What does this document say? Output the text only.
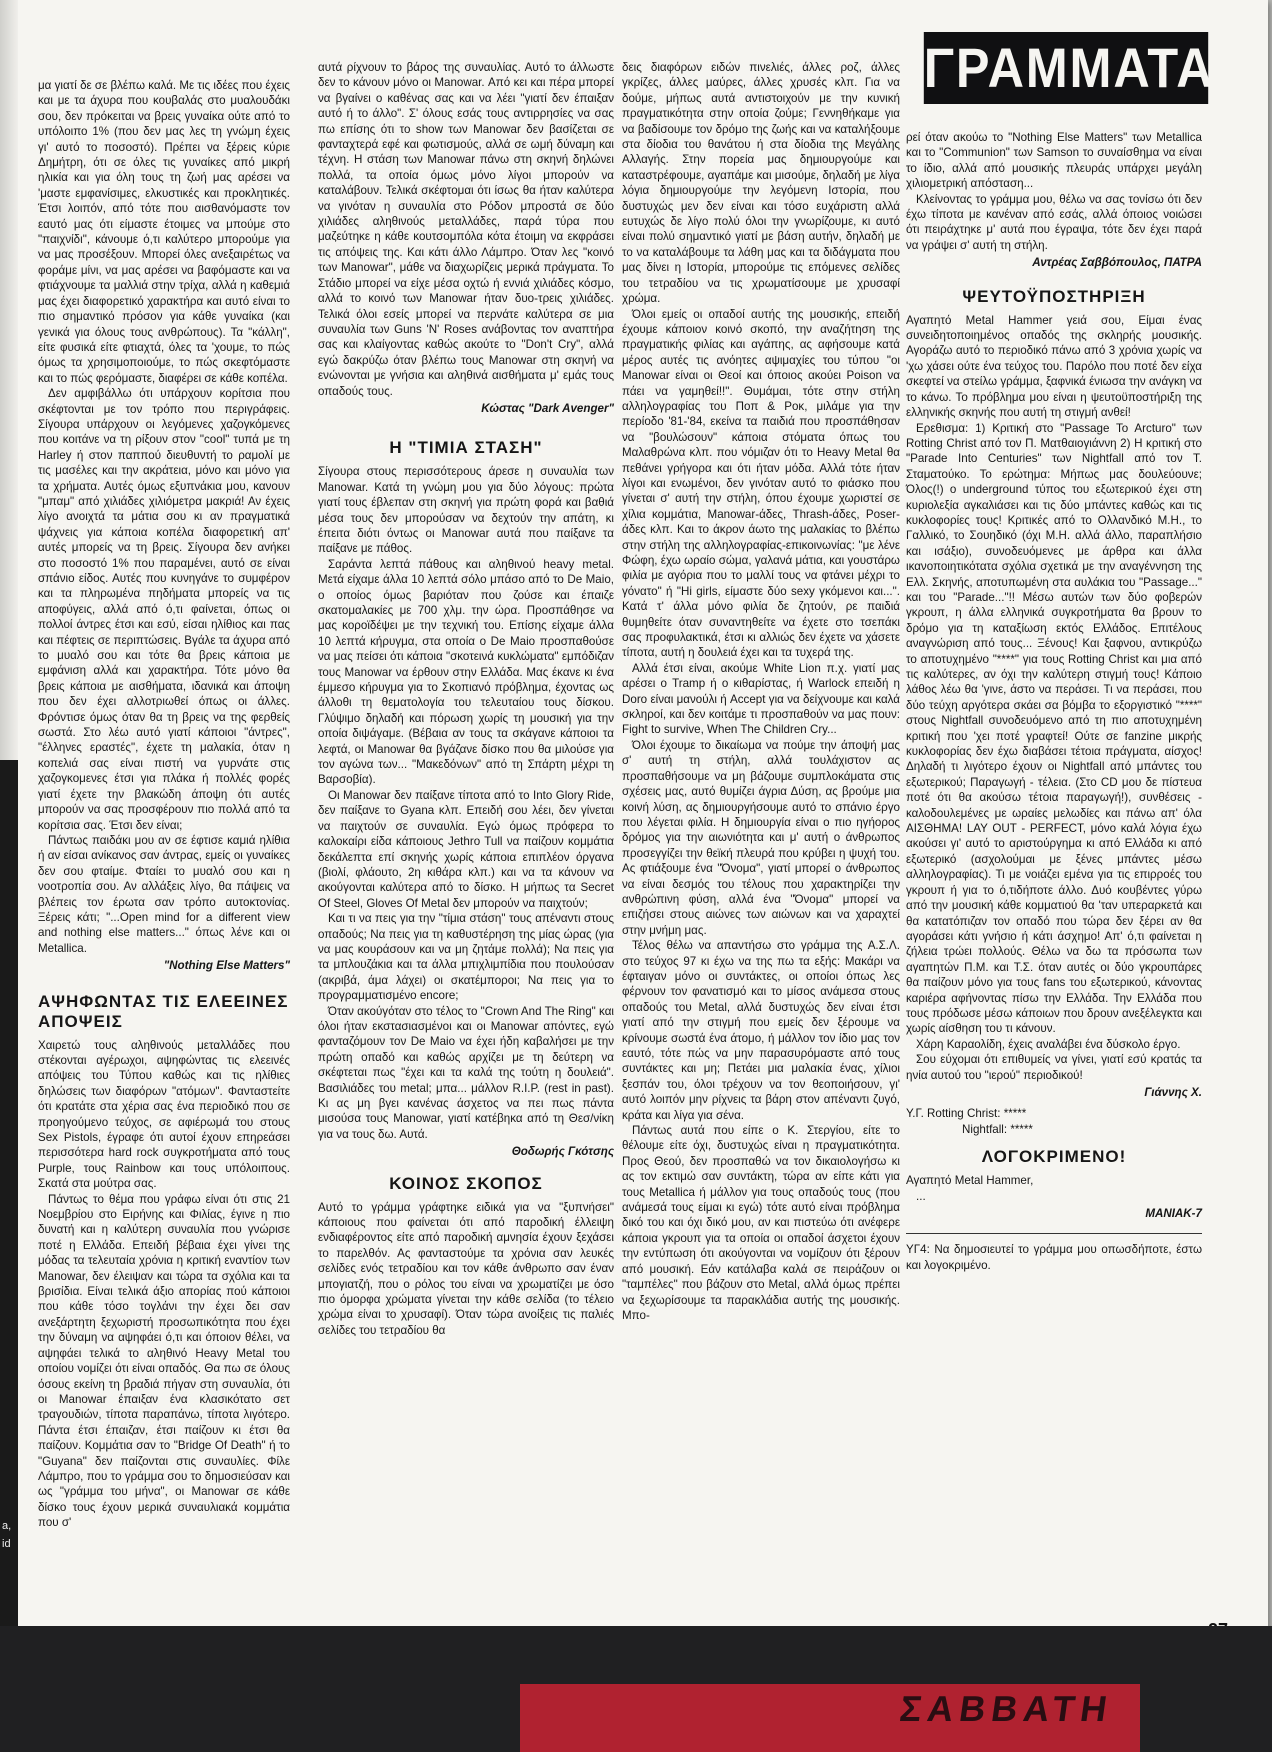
a,
id
ΓΡΑΜΜΑΤΑ

μα γιατί δε σε βλέπω καλά. Με τις ιδέες που έχεις και με τα άχυρα που κουβαλάς στο μυαλουδάκι σου, δεν πρόκειται να βρεις γυναίκα ούτε από το υπόλοιπο 1% (που δεν μας λες τη γνώμη έχεις γι' αυτό το ποσοστό). Πρέπει να ξέρεις κύριε Δημήτρη, ότι σε όλες τις γυναίκες από μικρή ηλικία και για όλη τους τη ζωή μας αρέσει να 'μαστε εμφανίσιμες, ελκυστικές και προκλητικές. Έτσι λοιπόν, από τότε που αισθανόμαστε τον εαυτό μας ότι είμαστε έτοιμες να μπούμε στο "παιχνίδι", κάνουμε ό,τι καλύτερο μπορούμε για να μας προσέξουν. Μπορεί όλες ανεξαιρέτως να φοράμε μίνι, να μας αρέσει να βαφόμαστε και να φτιάχνουμε τα μαλλιά στην τρίχα, αλλά η καθεμιά μας έχει διαφορετικό χαρακτήρα και αυτό είναι το πιο σημαντικό πρόσον για κάθε γυναίκα (και γενικά για όλους τους ανθρώπους). Τα "κάλλη", είτε φυσικά είτε φτιαχτά, όλες τα 'χουμε, το πώς όμως τα χρησιμοποιούμε, το πώς σκεφτόμαστε και το πώς φερόμαστε, διαφέρει σε κάθε κοπέλα.

Δεν αμφιβάλλω ότι υπάρχουν κορίτσια που σκέφτονται με τον τρόπο που περιγράφεις. Σίγουρα υπάρχουν οι λεγόμενες χαζογκόμενες που κοιτάνε να τη ρίξουν στον "cool" τυπά με τη Harley ή στον παππού διευθυντή το ραμολί με τις μασέλες και την ακράτεια, μόνο και μόνο για τα χρήματα. Αυτές όμως εξυπνάκια μου, κανουν "μπαμ" από χιλιάδες χιλιόμετρα μακριά! Αν έχεις λίγο ανοιχτά τα μάτια σου κι αν πραγματικά ψάχνεις για κάποια κοπέλα διαφορετική απ' αυτές μπορείς να τη βρεις. Σίγουρα δεν ανήκει στο ποσοστό 1% που παραμένει, αυτό σε είναι σπάνιο είδος. Αυτές που κυνηγάνε το συμφέρον και τα πληρωμένα πηδήματα μπορείς να τις αποφύγεις, αλλά από ό,τι φαίνεται, όπως οι πολλοί άντρες έτσι και εσύ, είσαι ηλίθιος και πας και πέφτεις σε περιπτώσεις. Βγάλε τα άχυρα από το μυαλό σου και τότε θα βρεις κάποια με εμφάνιση αλλά και χαρακτήρα. Τότε μόνο θα βρεις κάποια με αισθήματα, ιδανικά και άποψη που δεν έχει αλλοτριωθεί όπως οι άλλες. Φρόντισε όμως όταν θα τη βρεις να της φερθείς σωστά. Στο λέω αυτό γιατί κάποιοι "άντρες", "έλληνες εραστές", έχετε τη μαλακία, όταν η κοπελιά σας είναι πιστή να γυρνάτε στις χαζογκομενες έτσι για πλάκα ή πολλές φορές γιατί έχετε την βλακώδη άποψη ότι αυτές μπορούν να σας προσφέρουν πιο πολλά από τα κορίτσια σας. Έτσι δεν είναι;

Πάντως παιδάκι μου αν σε έφτισε καμιά ηλίθια ή αν είσαι ανίκανος σαν άντρας, εμείς οι γυναίκες δεν σου φταίμε. Φταίει το μυαλό σου και η νοοτροπία σου. Αν αλλάξεις λίγο, θα πάψεις να βλέπεις τον έρωτα σαν τρόπο αυτοκτονίας. Ξέρεις κάτι; "...Open mind for a different view and nothing else matters..." όπως λένε και οι Metallica.

"Nothing Else Matters"
ΑΨΗΦΩΝΤΑΣ ΤΙΣ ΕΛΕΕΙΝΕΣ ΑΠΟΨΕΙΣ

Χαιρετώ τους αληθινούς μεταλλάδες που στέκονται αγέρωχοι, αψηφώντας τις ελεεινές απόψεις του Τύπου καθώς και τις ηλίθιες δηλώσεις των διαφόρων "ατόμων". Φανταστείτε ότι κρατάτε στα χέρια σας ένα περιοδικό που σε προηγούμενο τεύχος, σε αφιέρωμά του στους Sex Pistols, έγραφε ότι αυτοί έχουν επηρεάσει περισσότερα hard rock συγκροτήματα από τους Purple, τους Rainbow και τους υπόλοιπους. Σκατά στα μούτρα σας.

Πάντως το θέμα που γράφω είναι ότι στις 21 Νοεμβρίου στο Ειρήνης και Φιλίας, έγινε η πιο δυνατή και η καλύτερη συναυλία που γνώρισε ποτέ η Ελλάδα. Επειδή βέβαια έχει γίνει της μόδας τα τελευταία χρόνια η κριτική εναντίον των Manowar, δεν έλειψαν και τώρα τα σχόλια και τα βρισίδια. Είναι τελικά άξιο απορίας πού κάποιοι που κάθε τόσο τογλάνι την έχει δει σαν ανεξάρτητη ξεχωριστή προσωπικότητα που έχει την δύναμη να αψηφάει ό,τι και όποιον θέλει, να αψηφάει τελικά το αληθινό Heavy Metal του οποίου νομίζει ότι είναι οπαδός. Θα πω σε όλους όσους εκείνη τη βραδιά πήγαν στη συναυλία, ότι οι Manowar έπαιξαν ένα κλασικότατο σετ τραγουδιών, τίποτα παραπάνω, τίποτα λιγότερο. Πάντα έτσι έπαιζαν, έτσι παίζουν κι έτσι θα παίζουν. Κομμάτια σαν το "Bridge Of Death" ή το "Guyana" δεν παίζονται στις συναυλίες. Φίλε Λάμπρο, που το γράμμα σου το δημοσιεύσαν και ως "γράμμα του μήνα", οι Manowar σε κάθε δίσκο τους έχουν μερικά συναυλιακά κομμάτια που σ'

αυτά ρίχνουν το βάρος της συναυλίας. Αυτό το άλλωστε δεν το κάνουν μόνο οι Manowar. Από κει και πέρα μπορεί να βγαίνει ο καθένας σας και να λέει "γιατί δεν έπαιξαν αυτό ή το άλλο". Σ' όλους εσάς τους αντιρρησίες να σας πω επίσης ότι το show των Manowar δεν βασίζεται σε φανταχτερά εφέ και φωτισμούς, αλλά σε ωμή δύναμη και τέχνη. Η στάση των Manowar πάνω στη σκηνή δηλώνει πολλά, τα οποία όμως μόνο λίγοι μπορούν να καταλάβουν. Τελικά σκέφτομαι ότι ίσως θα ήταν καλύτερα να γινόταν η συναυλία στο Ρόδον μπροστά σε δύο χιλιάδες αληθινούς μεταλλάδες, παρά τύρα που μαζεύτηκε η κάθε κουτσομπόλα κότα έτοιμη να εκφράσει τις απόψεις της. Και κάτι άλλο Λάμπρο. Όταν λες "κοινό των Manowar", μάθε να διαχωρίζεις μερικά πράγματα. Το Στάδιο μπορεί να είχε μέσα οχτώ ή εννιά χιλιάδες κόσμο, αλλά το κοινό των Manowar ήταν δυο-τρεις χιλιάδες. Τελικά όλοι εσείς μπορεί να περνάτε καλύτερα σε μια συναυλία των Guns 'N' Roses ανάβοντας τον αναπτήρα σας και κλαίγοντας καθώς ακούτε το "Don't Cry", αλλά εγώ δακρύζω όταν βλέπω τους Manowar στη σκηνή να ενώνονται με γνήσια και αληθινά αισθήματα μ' εμάς τους οπαδούς τους.

Κώστας "Dark Avenger"
Η "ΤΙΜΙΑ ΣΤΑΣΗ"

Σίγουρα στους περισσότερους άρεσε η συναυλία των Manowar. Κατά τη γνώμη μου για δύο λόγους: πρώτα γιατί τους έβλεπαν στη σκηνή για πρώτη φορά και βαθιά μέσα τους δεν μπορούσαν να δεχτούν την απάτη, κι έπειτα διότι όντως οι Manowar αυτά που παίξανε τα παίξανε με πάθος.

Σαράντα λεπτά πάθους και αληθινού heavy metal. Μετά είχαμε άλλα 10 λεπτά σόλο μπάσο από το De Maio, ο οποίος όμως βαριόταν που ζούσε και έπαιζε σκατομαλακίες με 700 χλμ. την ώρα. Προσπάθησε να μας κοροϊδέψει με την τεχνική του. Επίσης είχαμε άλλα 10 λεπτά κήρυγμα, στα οποία ο De Maio προσπαθούσε να μας πείσει ότι κάποια "σκοτεινά κυκλώματα" εμπόδιζαν τους Manowar να έρθουν στην Ελλάδα. Μας έκανε κι ένα έμμεσο κήρυγμα για το Σκοπιανό πρόβλημα, έχοντας ως άλλοθι τη θεματολογία του τελευταίου τους δίσκου. Γλύψιμο δηλαδή και πόρωση χωρίς τη μουσική για την οποία διψάγαμε. (Βέβαια αν τους τα σκάγανε κάποιοι τα λεφτά, οι Manowar θα βγάζανε δίσκο που θα μιλούσε για τον αγώνα των... "Μακεδόνων" από τη Σπάρτη μέχρι τη Βαρσοβία).

Οι Manowar δεν παίξανε τίποτα από το Into Glory Ride, δεν παίξανε το Gyana κλπ. Επειδή σου λέει, δεν γίνεται να παιχτούν σε συναυλία. Εγώ όμως πρόφερα το καλοκαίρι είδα κάποιους Jethro Tull να παίζουν κομμάτια δεκάλεπτα επί σκηνής χωρίς κάποια επιπλέον όργανα (βιολί, φλάουτο, 2η κιθάρα κλπ.) και να τα κάνουν να ακούγονται καλύτερα από το δίσκο. Η μήπως τα Secret Of Steel, Gloves Of Metal δεν μπορούν να παιχτούν;

Και τι να πεις για την "τίμια στάση" τους απέναντι στους οπαδούς; Να πεις για τη καθυστέρηση της μίας ώρας (για να μας κουράσουν και να μη ζητάμε πολλά); Να πεις για τα μπλουζάκια και τα άλλα μπιχλιμπίδια που πουλούσαν (ακριβά, άμα λάχει) οι σκατέμποροι; Να πεις για το προγραμματισμένο encore;

Όταν ακούγόταν στο τέλος το "Crown And The Ring" και όλοι ήταν εκστασιασμένοι και οι Manowar απόντες, εγώ φανταζόμουν τον De Maio να έχει ήδη καβαλήσει με την πρώτη οπαδό και καθώς αρχίζει με τη δεύτερη να σκέφτεται πως "έχει και τα καλά της τούτη η δουλειά". Βασιλιάδες του metal; μπα... μάλλον R.I.P. (rest in past). Κι ας μη βγει κανένας άσχετος να πει πως πάντα μισούσα τους Manowar, γιατί κατέβηκα από τη Θεσ/νίκη για να τους δω. Αυτά.

Θοδωρής Γκότσης
ΚΟΙΝΟΣ ΣΚΟΠΟΣ

Αυτό το γράμμα γράφτηκε ειδικά για να "ξυπνήσει" κάποιους που φαίνεται ότι από παροδική έλλειψη ενδιαφέροντος είτε από παροδική αμνησία έχουν ξεχάσει το παρελθόν. Ας φανταστούμε τα χρόνια σαν λευκές σελίδες ενός τετραδίου και τον κάθε άνθρωπο σαν έναν μπογιατζή, που ο ρόλος του είναι να χρωματίζει με όσο πιο όμορφα χρώματα γίνεται την κάθε σελίδα (το τέλειο χρώμα είναι το χρυσαφί). Όταν τώρα ανοίξεις τις παλιές σελίδες του τετραδίου θα

δεις διαφόρων ειδών πινελιές, άλλες ροζ, άλλες γκρίζες, άλλες μαύρες, άλλες χρυσές κλπ. Για να δούμε, μήπως αυτά αντιστοιχούν με την κυνική πραγματικότητα στην οποία ζούμε; Γεννηθήκαμε για να βαδίσουμε τον δρόμο της ζωής και να καταλήξουμε στα δίοδια του θανάτου ή στα δίοδια της Μεγάλης Αλλαγής. Στην πορεία μας δημιουργούμε και καταστρέφουμε, αγαπάμε και μισούμε, δηλαδή με λίγα λόγια δημιουργούμε την λεγόμενη Ιστορία, που δυστυχώς μεν δεν είναι και τόσο ευχάριστη αλλά ευτυχώς δε λίγο πολύ όλοι την γνωρίζουμε, κι αυτό είναι πολύ σημαντικό γιατί με βάση αυτήν, δηλαδή με το να καταλάβουμε τα λάθη μας και τα διδάγματα που μας δίνει η Ιστορία, μπορούμε τις επόμενες σελίδες του τετραδίου να τις χρωματίσουμε με χρυσαφί χρώμα.

Όλοι εμείς οι οπαδοί αυτής της μουσικής, επειδή έχουμε κάποιον κοινό σκοπό, την αναζήτηση της πραγματικής φιλίας και αγάπης, ας αφήσουμε κατά μέρος αυτές τις ανόητες αψιμαχίες του τύπου "οι Manowar είναι οι Θεοί και όποιος ακούει Poison να πάει να γαμηθεί!!". Θυμάμαι, τότε στην στήλη αλληλογραφίας του Ποπ & Ροκ, μιλάμε για την περίοδο '81-'84, εκείνα τα παιδιά που προσπάθησαν να "βουλώσουν" κάποια στόματα όπως του Μαλαθρώνα κλπ. που νόμιζαν ότι το Heavy Metal θα πεθάνει γρήγορα και ότι ήταν μόδα. Αλλά τότε ήταν λίγοι και ενωμένοι, δεν γινόταν αυτό το φιάσκο που γίνεται σ' αυτή την στήλη, όπου έχουμε χωριστεί σε χίλια κομμάτια, Manowar-άδες, Thrash-άδες, Poser-άδες κλπ. Και το άκρον άωτο της μαλακίας το βλέπω στην στήλη της αλληλογραφίας-επικοινωνίας: "με λένε Φώφη, έχω ωραίο σώμα, γαλανά μάτια, και γουστάρω φιλία με αγόρια που το μαλλί τους να φτάνει μέχρι το γόνατο" ή "Hi girls, είμαστε δύο sexy γκόμενοι και...". Κατά τ' άλλα μόνο φιλία δε ζητούν, ρε παιδιά θυμηθείτε όταν συναντηθείτε να έχετε στο τσεπάκι σας προφυλακτικά, έτσι κι αλλιώς δεν έχετε να χάσετε τίποτα, αυτή η δουλειά έχει και τα τυχερά της.

Αλλά έτσι είναι, ακούμε White Lion π.χ. γιατί μας αρέσει ο Tramp ή ο κιθαρίστας, ή Warlock επειδή η Doro είναι μανούλι ή Accept για να δείχνουμε και καλά σκληροί, και δεν κοιτάμε τι προσπαθούν να μας πουν: Fight to survive, When The Children Cry...

Όλοι έχουμε το δικαίωμα να πούμε την άποψή μας σ' αυτή τη στήλη, αλλά τουλάχιστον ας προσπαθήσουμε να μη βάζουμε συμπλοκάματα στις σχέσεις μας, αυτό θυμίζει άγρια Δύση, ας βρούμε μια κοινή λύση, ας δημιουργήσουμε αυτό το σπάνιο έργο που λέγεται φιλία. Η δημιουργία είναι ο πιο ηγήορος δρόμος για την αιωνιότητα και μ' αυτή ο άνθρωπος προσεγγίζει την θεϊκή πλευρά που κρύβει η ψυχή του. Ας φτιάξουμε ένα "Όνομα", γιατί μπορεί ο άνθρωπος να είναι δεσμός του τέλους που χαρακτηρίζει την ανθρώπινη φύση, αλλά ένα "Όνομα" μπορεί να επιζήσει στους αιώνες των αιώνων και να χαραχτεί στην μνήμη μας.

Τέλος θέλω να απαντήσω στο γράμμα της Α.Σ.Λ. στο τεύχος 97 κι έχω να της πω τα εξής: Μακάρι να έφταιγαν μόνο οι συντάκτες, οι οποίοι όπως λες φέρνουν τον φανατισμό και το μίσος ανάμεσα στους οπαδούς του Metal, αλλά δυστυχώς δεν είναι έτσι γιατί από την στιγμή που εμείς δεν ξέρουμε να κρίνουμε σωστά ένα άτομο, ή μάλλον τον ίδιο μας τον εαυτό, τότε πώς να μην παρασυρόμαστε από τους συντάκτες και μη; Πετάει μια μαλακία ένας, χίλιοι ξεσπάν του, όλοι τρέχουν να τον θεοποιήσουν, γι' αυτό λοιπόν μην ρίχνεις τα βάρη στον απέναντι ζυγό, κράτα και λίγα για σένα.

Πάντως αυτά που είπε ο Κ. Στεργίου, είτε το θέλουμε είτε όχι, δυστυχώς είναι η πραγματικότητα. Προς Θεού, δεν προσπαθώ να τον δικαιολογήσω κι ας τον εκτιμώ σαν συντάκτη, τώρα αν είπε κάτι για τους Metallica ή μάλλον για τους οπαδούς τους (που ανάμεσά τους είμαι κι εγώ) τότε αυτό είναι πρόβλημα δικό του και όχι δικό μου, αν και πιστεύω ότι ανέφερε κάποια γκρουπ για τα οποία οι οπαδοί άσχετοι έχουν την εντύπωση ότι ακούγονται να νομίζουν ότι ξέρουν από μουσική. Εάν κατάλαβα καλά σε πειράζουν οι "ταμπέλες" που βάζουν στο Metal, αλλά όμως πρέπει να ξεχωρίσουμε τα παρακλάδια αυτής της μουσικής. Μπο-

ρεί όταν ακούω το "Nothing Else Matters" των Metallica και το "Communion" των Samson το συναίσθημα να είναι το ίδιο, αλλά από μουσικής πλευράς υπάρχει μεγάλη χιλιομετρική απόσταση...

Κλείνοντας το γράμμα μου, θέλω να σας τονίσω ότι δεν έχω τίποτα με κανέναν από εσάς, αλλά όποιος νοιώσει ότι πειράχτηκε μ' αυτά που έγραψα, τότε δεν έχει παρά να γράψει σ' αυτή τη στήλη.

Αντρέας Σαββόπουλος, ΠΑΤΡΑ
ΨΕΥΤΟΫΠΟΣΤΗΡΙΞΗ

Αγαπητό Metal Hammer γειά σου, Είμαι ένας συνειδητοποιημένος οπαδός της σκληρής μουσικής. Αγοράζω αυτό το περιοδικό πάνω από 3 χρόνια χωρίς να 'χω χάσει ούτε ένα τεύχος του. Παρόλο που ποτέ δεν είχα σκεφτεί να στείλω γράμμα, ξαφνικά ένιωσα την ανάγκη να το κάνω. Το πρόβλημα μου είναι η ψευτοϋποστήριξη της ελληνικής σκηνής που αυτή τη στιγμή ανθεί!

Ερεθισμα: 1) Κριτική στο "Passage To Arcturo" των Rotting Christ από τον Π. Ματθαιογιάννη 2) Η κριτική στο "Parade Into Centuries" των Nightfall από τον Τ. Σταματούκο. Το ερώτημα: Μήπως μας δουλεύουνε; Όλος(!) ο underground τύπος του εξωτερικού έχει στη κυριολεξία αγκαλιάσει και τις δύο μπάντες καθώς και τις κυκλοφορίες τους! Κριτικές από το Ολλανδικό Μ.Η., το Γαλλικό, το Σουηδικό (όχι Μ.Η. αλλά άλλο, παραπλήσιο και ισάξιο), συνοδευόμενες με άρθρα και άλλα ικανοποιητικότατα σχόλια σχετικά με την αναγέννηση της Ελλ. Σκηνής, αποτυπωμένη στα αυλάκια του "Passage..." και του "Parade..."!! Μέσω αυτών των δύο φοβερών γκρουπ, η άλλα ελληνικά συγκροτήματα θα βρουν το δρόμο για τη καταξίωση εκτός Ελλάδος. Επιτέλους αναγνώριση από τους... Ξένους! Και ξαφνου, αντικρύζω το αποτυχημένο "****" για τους Rotting Christ και μια από τις καλύτερες, αν όχι την καλύτερη στιγμή τους! Κάποιο λάθος λέω θα 'γινε, άστο να περάσει. Τι να περάσει, που δύο τεύχη αργότερα σκάει σα βόμβα το εξοργιστικό "****" στους Nightfall συνοδευόμενο από τη πιο αποτυχημένη κριτική που 'χει ποτέ γραφτεί! Ούτε σε fanzine μικρής κυκλοφορίας δεν έχω διαβάσει τέτοια πράγματα, αίσχος! Δηλαδή τι λιγότερο έχουν οι Nightfall από μπάντες του εξωτερικού; Παραγωγή - τέλεια. (Στο CD μου δε πίστευα ποτέ ότι θα ακούσω τέτοια παραγωγή!), συνθέσεις - καλοδουλεμένες με ωραίες μελωδίες και πάνω απ' όλα ΑΙΣΘΗΜΑ! LAY OUT - PERFECT, μόνο καλά λόγια έχω ακούσει γι' αυτό το αριστούργημα κι από Ελλάδα κι από εξωτερικό (ασχολούμαι με ξένες μπάντες μέσω αλληλογραφίας). Τι με νοιάζει εμένα για τις επιρροές του γκρουπ ή για το ό,τιδήποτε άλλο. Δυό κουβέντες γύρω από την μουσική κάθε κομματιού θα 'ταν υπεραρκετά και θα κατατόπιζαν τον οπαδό που τώρα δεν ξέρει αν θα αγοράσει κάτι γνήσιο ή κάτι άσχημο! Απ' ό,τι φαίνεται η ζήλεια τρώει πολλούς. Θέλω να δω τα πρόσωπα των αγαπητών Π.Μ. και Τ.Σ. όταν αυτές οι δύο γκρουπάρες θα παίζουν μόνο για τους fans του εξωτερικού, κάνοντας καριέρα αφήνοντας πίσω την Ελλάδα. Την Ελλάδα που τους πρόδωσε μέσω κάποιων που δρουν ανεξέλεγκτα και χωρίς αίσθηση του τι κάνουν.

Χάρη Καραολίδη, έχεις αναλάβει ένα δύσκολο έργο.

Σου εύχομαι ότι επιθυμείς να γίνει, γιατί εσύ κρατάς τα ηνία αυτού του "ιερού" περιοδικού!

Γιάννης Χ.
Υ.Γ. Rotting Christ: *****
Nightfall: *****
ΛΟΓΟΚΡΙΜΕΝΟ!

Αγαπητό Metal Hammer,

...

ΜΑΝΙΑΚ-7

ΥΓ4: Να δημοσιευτεί το γράμμα μου οπωσδήποτε, έστω και λογοκριμένο.

ΣΑΒΒΑΤΗ
